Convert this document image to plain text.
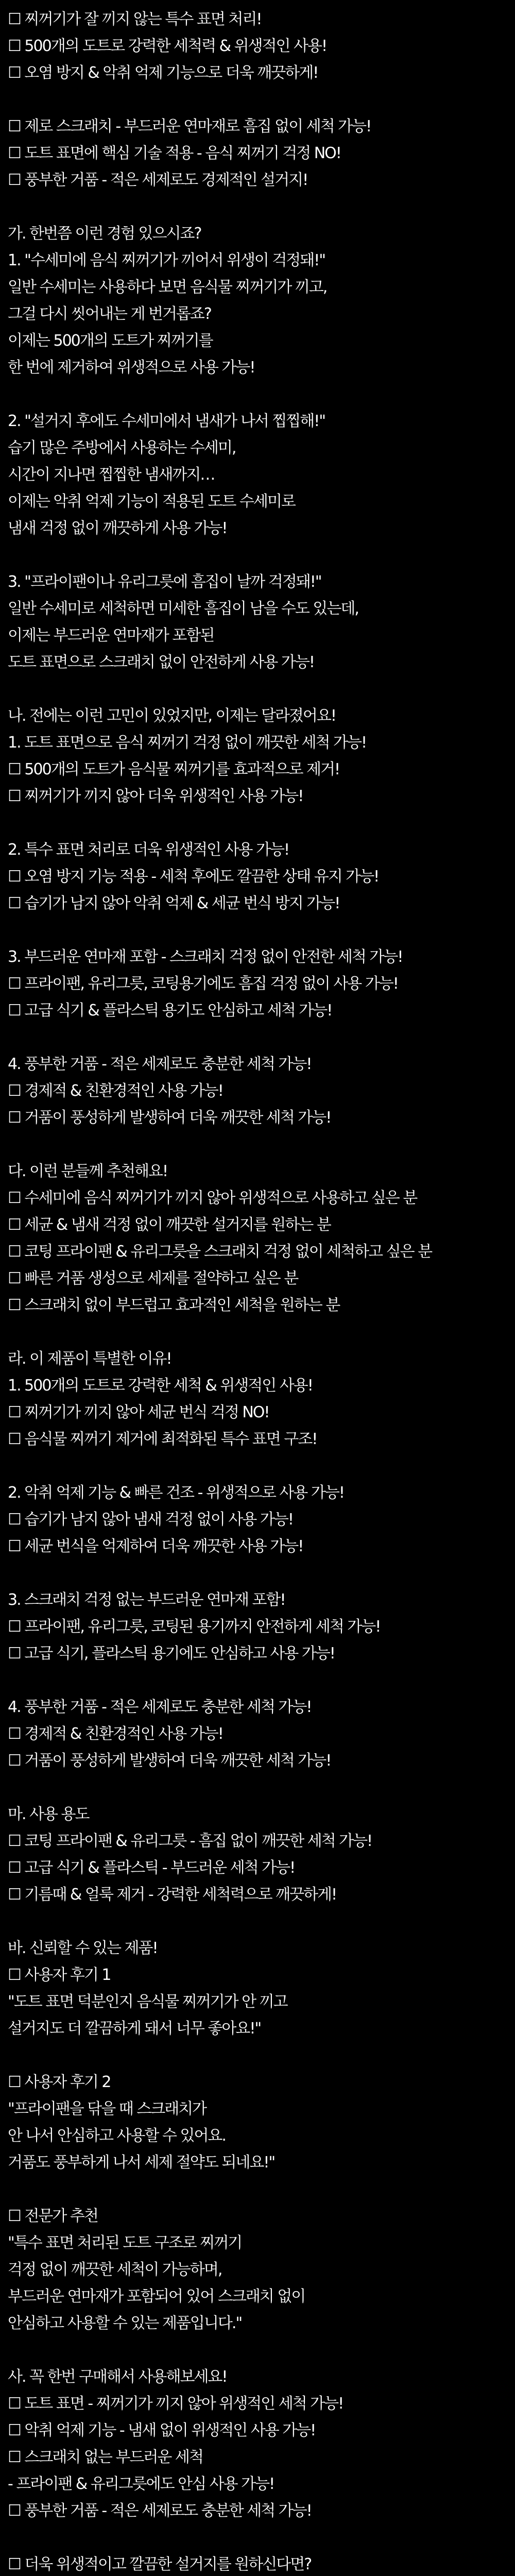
☐ 찌꺼기가 잘 끼지 않는 특수 표면 처리!
☐ 500개의 도트로 강력한 세척력 & 위생적인 사용!
☐ 오염 방지 & 악취 억제 기능으로 더욱 깨끗하게!
☐ 제로 스크래치 - 부드러운 연마재로 흠집 없이 세척 가능!
☐ 도트 표면에 핵심 기술 적용 - 음식 찌꺼기 걱정 NO!
☐ 풍부한 거품 - 적은 세제로도 경제적인 설거지!
가. 한번쯤 이런 경험 있으시죠?
1. "수세미에 음식 찌꺼기가 끼어서 위생이 걱정돼!"
일반 수세미는 사용하다 보면 음식물 찌꺼기가 끼고,
그걸 다시 씻어내는 게 번거롭죠?
이제는 500개의 도트가 찌꺼기를
한 번에 제거하여 위생적으로 사용 가능!
2. "설거지 후에도 수세미에서 냄새가 나서 찝찝해!"
습기 많은 주방에서 사용하는 수세미,
시간이 지나면 찝찝한 냄새까지…
이제는 악취 억제 기능이 적용된 도트 수세미로
냄새 걱정 없이 깨끗하게 사용 가능!
3. "프라이팬이나 유리그릇에 흠집이 날까 걱정돼!"
일반 수세미로 세척하면 미세한 흠집이 남을 수도 있는데,
이제는 부드러운 연마재가 포함된
도트 표면으로 스크래치 없이 안전하게 사용 가능!
나. 전에는 이런 고민이 있었지만, 이제는 달라졌어요!
1. 도트 표면으로 음식 찌꺼기 걱정 없이 깨끗한 세척 가능!
☐ 500개의 도트가 음식물 찌꺼기를 효과적으로 제거!
☐ 찌꺼기가 끼지 않아 더욱 위생적인 사용 가능!
2. 특수 표면 처리로 더욱 위생적인 사용 가능!
☐ 오염 방지 기능 적용 - 세척 후에도 깔끔한 상태 유지 가능!
☐ 습기가 남지 않아 악취 억제 & 세균 번식 방지 가능!
3. 부드러운 연마재 포함 - 스크래치 걱정 없이 안전한 세척 가능!
☐ 프라이팬, 유리그릇, 코팅용기에도 흠집 걱정 없이 사용 가능!
☐ 고급 식기 & 플라스틱 용기도 안심하고 세척 가능!
4. 풍부한 거품 - 적은 세제로도 충분한 세척 가능!
☐ 경제적 & 친환경적인 사용 가능!
☐ 거품이 풍성하게 발생하여 더욱 깨끗한 세척 가능!
다. 이런 분들께 추천해요!
☐ 수세미에 음식 찌꺼기가 끼지 않아 위생적으로 사용하고 싶은 분
☐ 세균 & 냄새 걱정 없이 깨끗한 설거지를 원하는 분
☐ 코팅 프라이팬 & 유리그릇을 스크래치 걱정 없이 세척하고 싶은 분
☐ 빠른 거품 생성으로 세제를 절약하고 싶은 분
☐ 스크래치 없이 부드럽고 효과적인 세척을 원하는 분
라. 이 제품이 특별한 이유!
1. 500개의 도트로 강력한 세척 & 위생적인 사용!
☐ 찌꺼기가 끼지 않아 세균 번식 걱정 NO!
☐ 음식물 찌꺼기 제거에 최적화된 특수 표면 구조!
2. 악취 억제 기능 & 빠른 건조 - 위생적으로 사용 가능!
☐ 습기가 남지 않아 냄새 걱정 없이 사용 가능!
☐ 세균 번식을 억제하여 더욱 깨끗한 사용 가능!
3. 스크래치 걱정 없는 부드러운 연마재 포함!
☐ 프라이팬, 유리그릇, 코팅된 용기까지 안전하게 세척 가능!
☐ 고급 식기, 플라스틱 용기에도 안심하고 사용 가능!
4. 풍부한 거품 - 적은 세제로도 충분한 세척 가능!
☐ 경제적 & 친환경적인 사용 가능!
☐ 거품이 풍성하게 발생하여 더욱 깨끗한 세척 가능!
마. 사용 용도
☐ 코팅 프라이팬 & 유리그릇 - 흠집 없이 깨끗한 세척 가능!
☐ 고급 식기 & 플라스틱 - 부드러운 세척 가능!
☐ 기름때 & 얼룩 제거 - 강력한 세척력으로 깨끗하게!
바. 신뢰할 수 있는 제품!
☐ 사용자 후기 1
"도트 표면 덕분인지 음식물 찌꺼기가 안 끼고
설거지도 더 깔끔하게 돼서 너무 좋아요!"
☐ 사용자 후기 2
"프라이팬을 닦을 때 스크래치가
안 나서 안심하고 사용할 수 있어요.
거품도 풍부하게 나서 세제 절약도 되네요!"
☐ 전문가 추천
"특수 표면 처리된 도트 구조로 찌꺼기
걱정 없이 깨끗한 세척이 가능하며,
부드러운 연마재가 포함되어 있어 스크래치 없이
안심하고 사용할 수 있는 제품입니다."
사. 꼭 한번 구매해서 사용해보세요!
☐ 도트 표면 - 찌꺼기가 끼지 않아 위생적인 세척 가능!
☐ 악취 억제 기능 - 냄새 없이 위생적인 사용 가능!
☐ 스크래치 없는 부드러운 세척
- 프라이팬 & 유리그릇에도 안심 사용 가능!
☐ 풍부한 거품 - 적은 세제로도 충분한 세척 가능!
☐ 더욱 위생적이고 깔끔한 설거지를 원하신다면?
